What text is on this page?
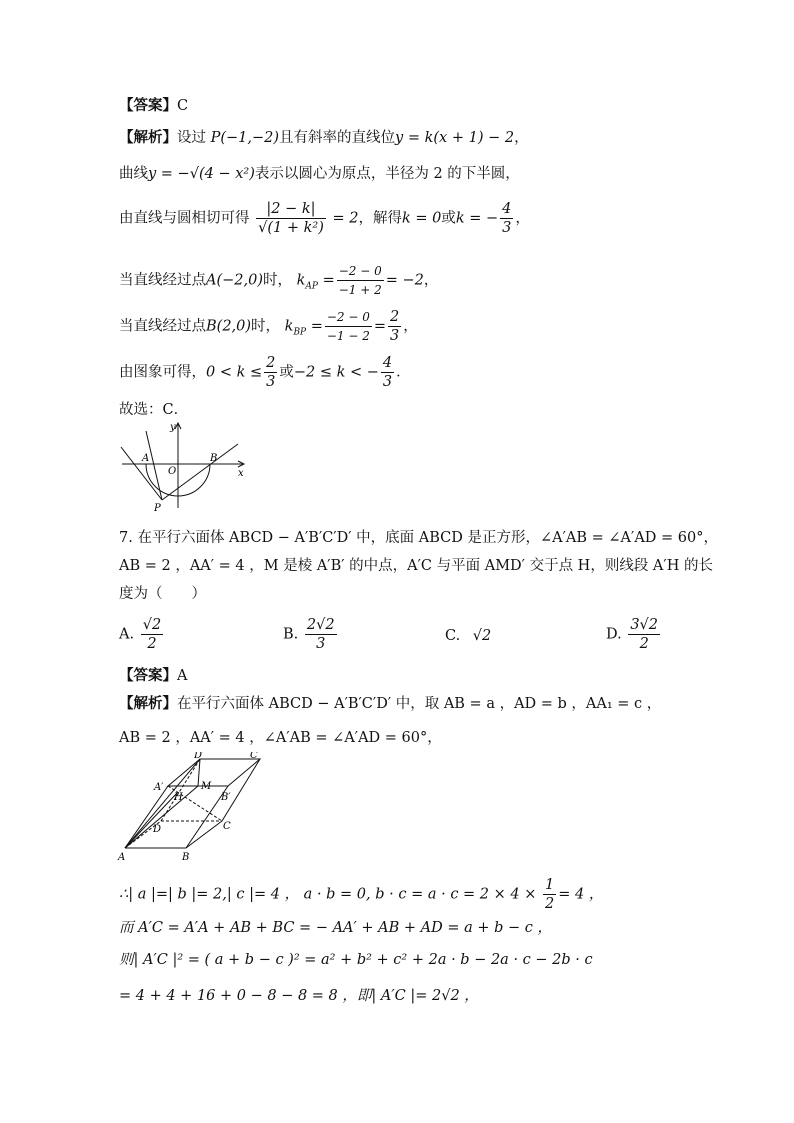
【答案】C
【解析】设过 P(−1,−2)且有斜率的直线位y = k(x + 1) − 2，
曲线y = −√(4 − x²)表示以圆心为原点，半径为 2 的下半圆，
由直线与圆相切可得 $\frac{|2 - k|}{\text{√(1 + k²)}} = 2$，解得k = 0或k = − $\frac{4}{3}$ ，
当直线经过点A(−2,0)时， $k_{AP} = \frac{-2 - 0}{-1 + 2} = -2$，
当直线经过点B(2,0)时， $k_{BP} = \frac{-2 - 0}{-1 - 2} = \frac{2}{3}$ ，
由图象可得，$0 < k \le \frac{2}{3}$ 或−2 ≤ k < − $\frac{4}{3}$ ．
故选：C．
y
x
O
A	B
P
7. 在平行六面体 ABCD − A′B′C′D′ 中，底面 ABCD 是正方形，∠A′AB = ∠A′AD = 60°，
AB = 2 ，AA′ = 4 ，M 是棱 A′B′ 的中点，A′C 与平面 AMD′ 交于点 H，则线段 A′H 的长
度为（　　）
A. $\frac{√2}{2}$	B. $\frac{2√2}{3}$	C. √2	D. $\frac{3√2}{2}$
【答案】A
【解析】在平行六面体 ABCD − A′B′C′D′ 中，取 AB = a ，AD = b ，AA₁ = c ，
AB = 2 ，AA′ = 4 ，∠A′AB = ∠A′AD = 60°，
A	B
C
D
A′
B′
C′
D′
M
H
∴| a |=| b |= 2,| c |= 4 ， a · b = 0, $b \cdot c = a \cdot c = 2 \times 4 \times \frac{1}{2} = 4$ ，
而 A′C = A′A + AB + BC = − AA′ + AB + AD = a + b − c ，
则| A′C |² = ( a + b − c )² = a² + b² + c² + 2a · b − 2a · c − 2b · c
= 4 + 4 + 16 + 0 − 8 − 8 = 8 ，即| A′C |= 2√2 ，
